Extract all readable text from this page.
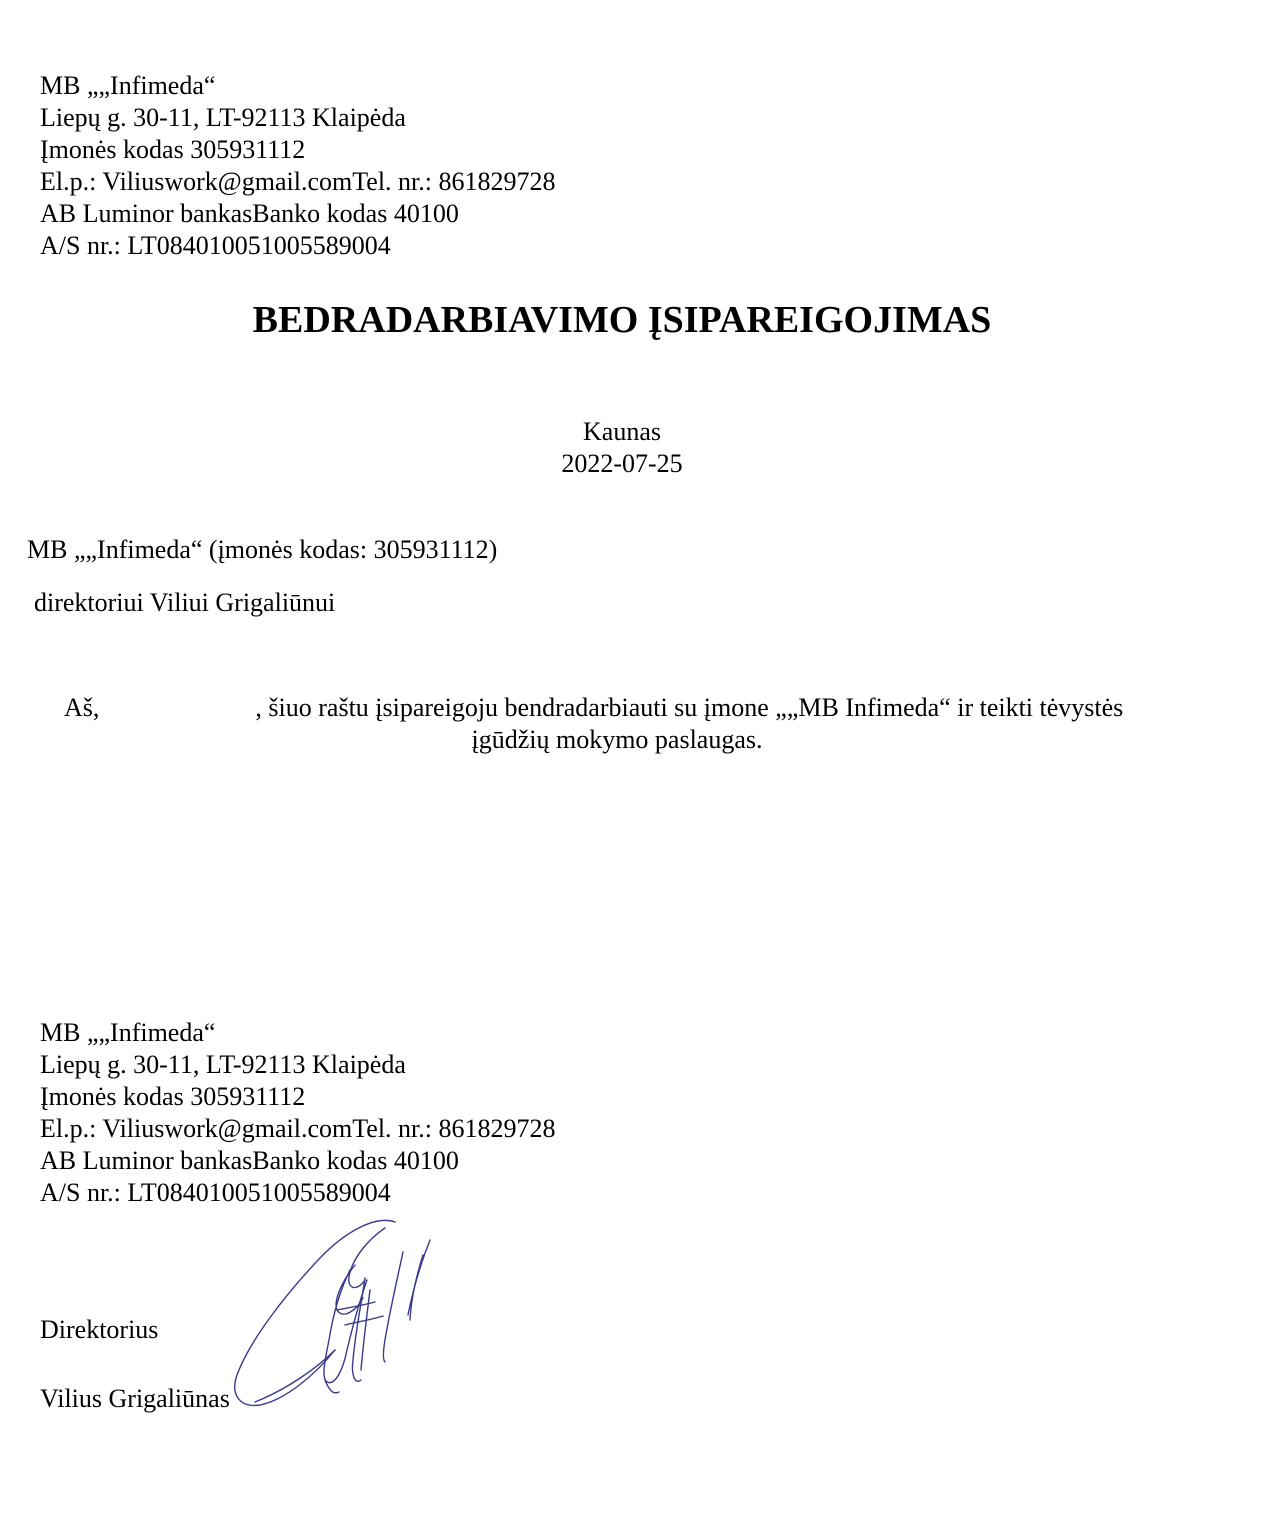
MB „„Infimeda“
Liepų g. 30-11, LT-92113 Klaipėda
Įmonės kodas 305931112
El.p.: Viliuswork@gmail.comTel. nr.: 861829728
AB Luminor bankasBanko kodas 40100
A/S nr.: LT084010051005589004
BEDRADARBIAVIMO ĮSIPAREIGOJIMAS
Kaunas
2022-07-25
MB „„Infimeda“ (įmonės kodas: 305931112)
direktoriui Viliui Grigaliūnui
Aš,	, šiuo raštu įsipareigoju bendradarbiauti su įmone „„MB Infimeda“ ir teikti tėvystės
įgūdžių mokymo paslaugas.
MB „„Infimeda“
Liepų g. 30-11, LT-92113 Klaipėda
Įmonės kodas 305931112
El.p.: Viliuswork@gmail.comTel. nr.: 861829728
AB Luminor bankasBanko kodas 40100
A/S nr.: LT084010051005589004
Direktorius
Vilius Grigaliūnas
